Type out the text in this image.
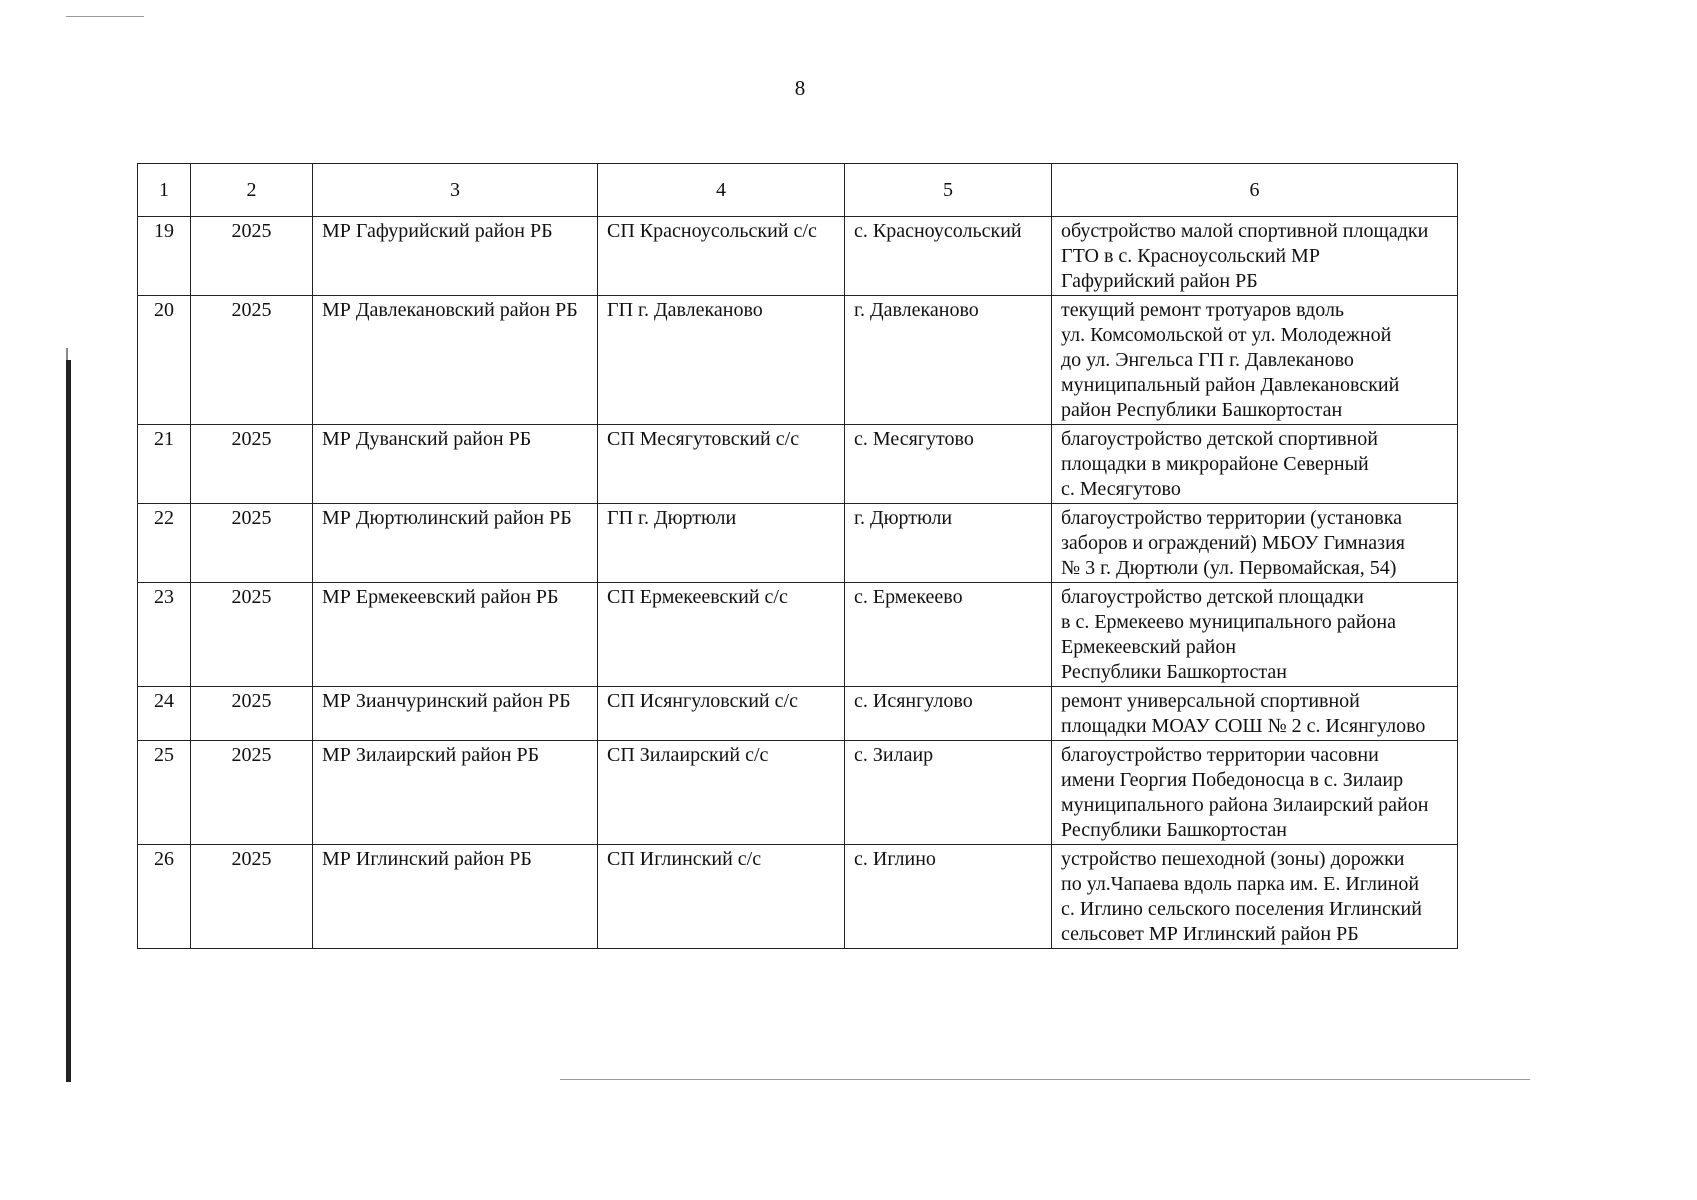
8
1	2	3	4	5	6
19	2025	МР Гафурийский район РБ	СП Красноусольский с/с	с. Красноусольский	обустройство малой спортивной площадки
ГТО в с. Красноусольский МР
Гафурийский район РБ

20	2025	МР Давлекановский район РБ	ГП г. Давлеканово	г. Давлеканово	текущий ремонт тротуаров вдоль
ул. Комсомольской от ул. Молодежной
до ул. Энгельса ГП г. Давлеканово
муниципальный район Давлекановский
район Республики Башкортостан

21	2025	МР Дуванский район РБ	СП Месягутовский с/с	с. Месягутово	благоустройство детской спортивной
площадки в микрорайоне Северный
с. Месягутово

22	2025	МР Дюртюлинский район РБ	ГП г. Дюртюли	г. Дюртюли	благоустройство территории (установка
заборов и ограждений) МБОУ Гимназия
№ 3 г. Дюртюли (ул. Первомайская, 54)

23	2025	МР Ермекеевский район РБ	СП Ермекеевский с/с	с. Ермекеево	благоустройство детской площадки
в с. Ермекеево муниципального района
Ермекеевский район
Республики Башкортостан

24	2025	МР Зианчуринский район РБ	СП Исянгуловский с/с	с. Исянгулово	ремонт универсальной спортивной
площадки МОАУ СОШ № 2 с. Исянгулово

25	2025	МР Зилаирский район РБ	СП Зилаирский с/с	с. Зилаир	благоустройство территории часовни
имени Георгия Победоносца в с. Зилаир
муниципального района Зилаирский район
Республики Башкортостан

26	2025	МР Иглинский район РБ	СП Иглинский с/с	с. Иглино	устройство пешеходной (зоны) дорожки
по ул.Чапаева вдоль парка им. Е. Иглиной
с. Иглино сельского поселения Иглинский
сельсовет МР Иглинский район РБ
